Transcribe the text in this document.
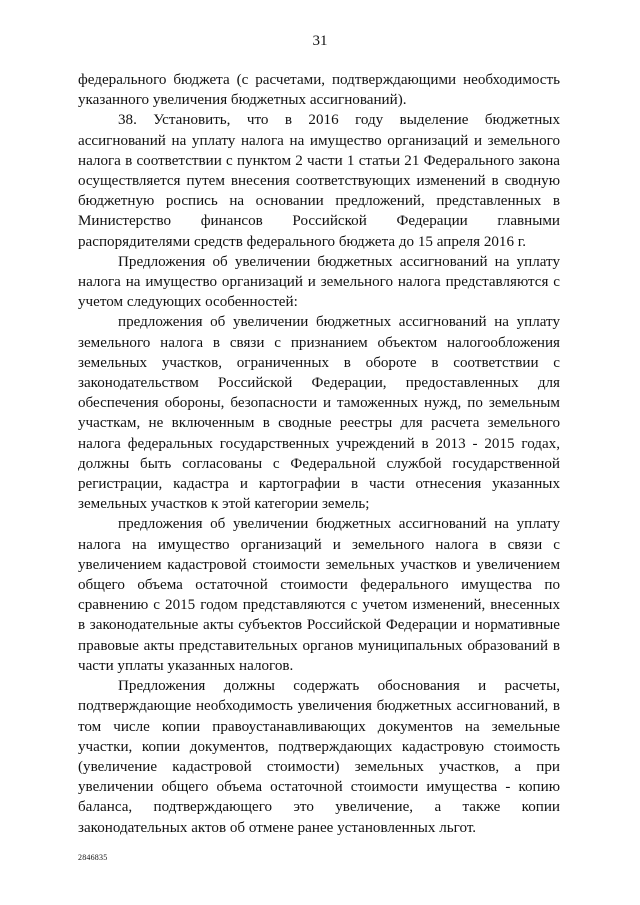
31

федерального бюджета (с расчетами, подтверждающими необходимость указанного увеличения бюджетных ассигнований).

38. Установить, что в 2016 году выделение бюджетных ассигнований на уплату налога на имущество организаций и земельного налога в соответствии с пунктом 2 части 1 статьи 21 Федерального закона осуществляется путем внесения соответствующих изменений в сводную бюджетную роспись на основании предложений, представленных в Министерство финансов Российской Федерации главными распорядителями средств федерального бюджета до 15 апреля 2016 г.

Предложения об увеличении бюджетных ассигнований на уплату налога на имущество организаций и земельного налога представляются с учетом следующих особенностей:

предложения об увеличении бюджетных ассигнований на уплату земельного налога в связи с признанием объектом налогообложения земельных участков, ограниченных в обороте в соответствии с законодательством Российской Федерации, предоставленных для обеспечения обороны, безопасности и таможенных нужд, по земельным участкам, не включенным в сводные реестры для расчета земельного налога федеральных государственных учреждений в 2013 - 2015 годах, должны быть согласованы с Федеральной службой государственной регистрации, кадастра и картографии в части отнесения указанных земельных участков к этой категории земель;

предложения об увеличении бюджетных ассигнований на уплату налога на имущество организаций и земельного налога в связи с увеличением кадастровой стоимости земельных участков и увеличением общего объема остаточной стоимости федерального имущества по сравнению с 2015 годом представляются с учетом изменений, внесенных в законодательные акты субъектов Российской Федерации и нормативные правовые акты представительных органов муниципальных образований в части уплаты указанных налогов.

Предложения должны содержать обоснования и расчеты, подтверждающие необходимость увеличения бюджетных ассигнований, в том числе копии правоустанавливающих документов на земельные участки, копии документов, подтверждающих кадастровую стоимость (увеличение кадастровой стоимости) земельных участков, а при увеличении общего объема остаточной стоимости имущества - копию баланса, подтверждающего это увеличение, а также копии законодательных актов об отмене ранее установленных льгот.

2846835
